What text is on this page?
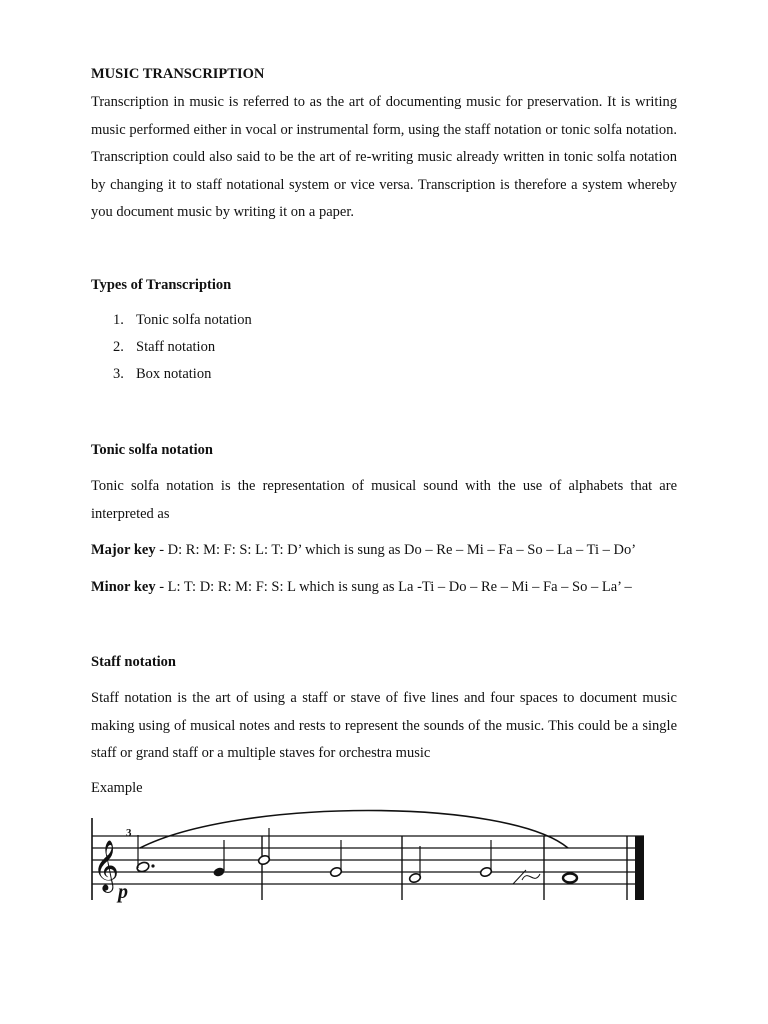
MUSIC TRANSCRIPTION

Transcription in music is referred to as the art of documenting music for preservation. It is writing music performed either in vocal or instrumental form, using the staff notation or tonic solfa notation. Transcription could also said to be the art of re-writing music already written in tonic solfa notation by changing it to staff notational system or vice versa. Transcription is therefore a system whereby you document music by writing it on a paper.

Types of Transcription
1. Tonic solfa notation
2. Staff notation
3. Box notation
Tonic solfa notation

Tonic solfa notation is the representation of musical sound with the use of alphabets that are interpreted as

Major key - D: R: M: F: S: L: T: D’ which is sung as Do – Re – Mi – Fa – So – La – Ti – Do’

Minor key - L: T: D: R: M: F: S: L which is sung as La -Ti – Do – Re – Mi – Fa – So – La’ –

Staff notation

Staff notation is the art of using a staff or stave of five lines and four spaces to document music making using of musical notes and rests to represent the sounds of the music. This could be a single staff or grand staff or a multiple staves for orchestra music

Example
𝄞
3
p
